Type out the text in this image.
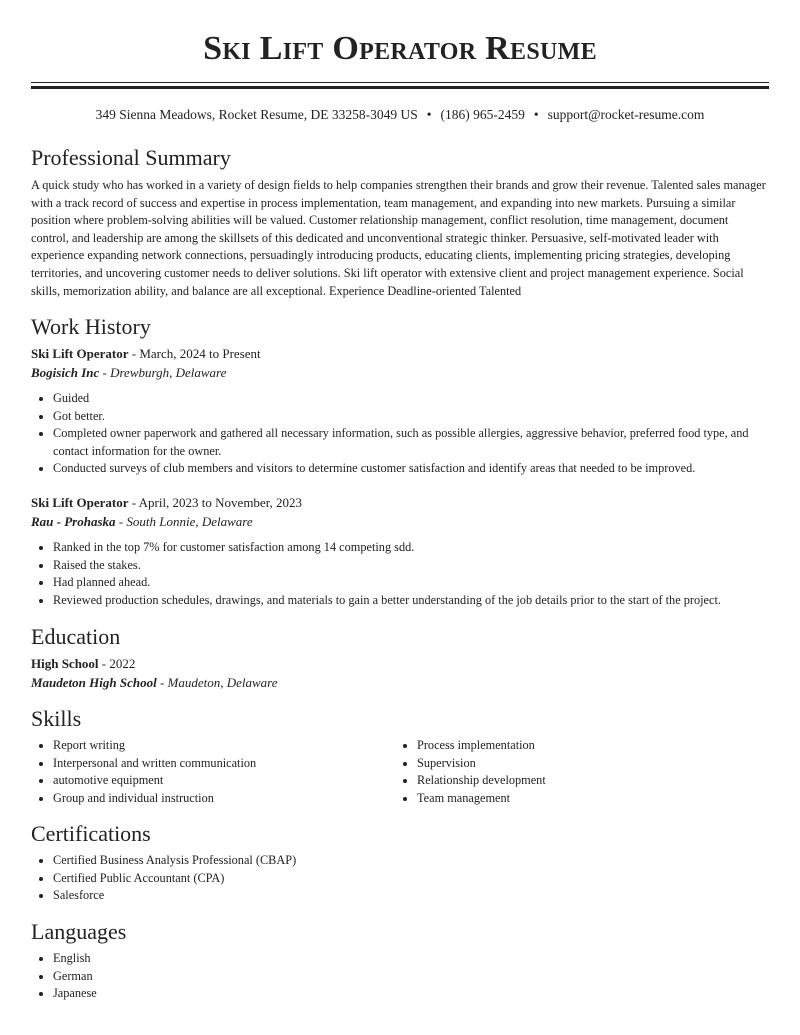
Ski Lift Operator Resume
349 Sienna Meadows, Rocket Resume, DE 33258-3049 US • (186) 965-2459 • support@rocket-resume.com
Professional Summary

A quick study who has worked in a variety of design fields to help companies strengthen their brands and grow their revenue. Talented sales manager with a track record of success and expertise in process implementation, team management, and expanding into new markets. Pursuing a similar position where problem-solving abilities will be valued. Customer relationship management, conflict resolution, time management, document control, and leadership are among the skillsets of this dedicated and unconventional strategic thinker. Persuasive, self-motivated leader with experience expanding network connections, persuadingly introducing products, educating clients, implementing pricing strategies, developing territories, and uncovering customer needs to deliver solutions. Ski lift operator with extensive client and project management experience. Social skills, memorization ability, and balance are all exceptional. Experience Deadline-oriented Talented

Work History
Ski Lift Operator - March, 2024 to Present
Bogisich Inc - Drewburgh, Delaware
• Guided
• Got better.
• Completed owner paperwork and gathered all necessary information, such as possible allergies, aggressive behavior, preferred food type, and contact information for the owner.
• Conducted surveys of club members and visitors to determine customer satisfaction and identify areas that needed to be improved.
Ski Lift Operator - April, 2023 to November, 2023
Rau - Prohaska - South Lonnie, Delaware
• Ranked in the top 7% for customer satisfaction among 14 competing sdd.
• Raised the stakes.
• Had planned ahead.
• Reviewed production schedules, drawings, and materials to gain a better understanding of the job details prior to the start of the project.
Education
High School - 2022
Maudeton High School - Maudeton, Delaware
Skills
• Report writing
• Interpersonal and written communication
• automotive equipment
• Group and individual instruction
• Process implementation
• Supervision
• Relationship development
• Team management
Certifications
• Certified Business Analysis Professional (CBAP)
• Certified Public Accountant (CPA)
• Salesforce
Languages
• English
• German
• Japanese
